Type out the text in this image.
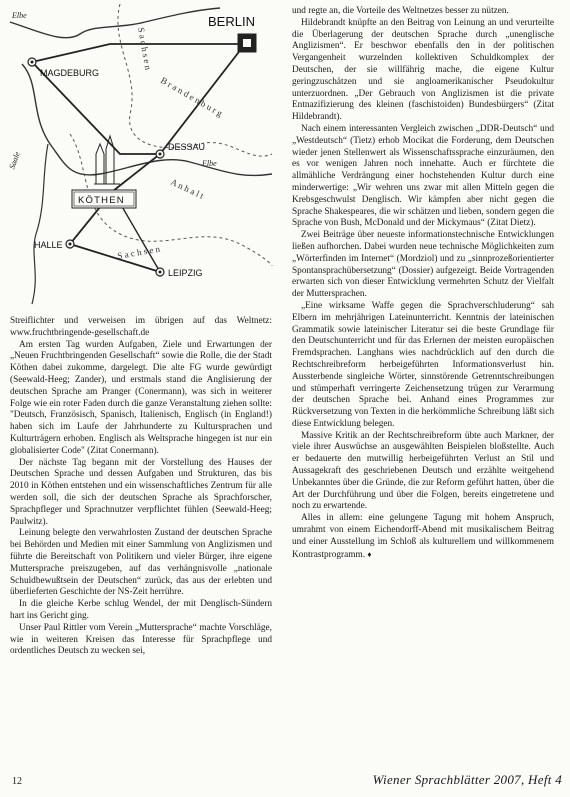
BERLIN
MAGDEBURG
DESSAU
KÖTHEN
HALLE
LEIPZIG
Elbe
Elbe
Saale
B r a n d e n b u r g
S a c h s e n
A n h a l t
S a c h s e n

Streiflichter und verweisen im übrigen auf das Weltnetz: www.fruchtbringende-gesellschaft.de

Am ersten Tag wurden Aufgaben, Ziele und Erwartungen der „Neuen Fruchtbringenden Gesellschaft“ sowie die Rolle, die der Stadt Köthen dabei zukomme, dargelegt. Die alte FG wurde gewürdigt (Seewald-Heeg; Zander), und erstmals stand die Anglisierung der deutschen Sprache am Pranger (Conermann), was sich in weiterer Folge wie ein roter Faden durch die ganze Veranstaltung ziehen sollte: "Deutsch, Französisch, Spanisch, Italienisch, Englisch (in England!) haben sich im Laufe der Jahrhunderte zu Kultursprachen und Kulturträgern erhoben. Englisch als Weltsprache hingegen ist nur ein globalisierter Code" (Zitat Conermann).

Der nächste Tag begann mit der Vorstellung des Hauses der Deutschen Sprache und dessen Aufgaben und Strukturen, das bis 2010 in Köthen entstehen und ein wissenschaftliches Zentrum für alle werden soll, die sich der deutschen Sprache als Sprachforscher, Sprachpfleger und Sprachnutzer verpflichtet fühlen (Seewald-Heeg; Paulwitz).

Leinung belegte den verwahrlosten Zustand der deutschen Sprache bei Behörden und Medien mit einer Sammlung von Anglizismen und führte die Bereitschaft von Politikern und vieler Bürger, ihre eigene Muttersprache preiszugeben, auf das verhängnisvolle „nationale Schuldbewußtsein der Deutschen“ zurück, das aus der erlebten und überlieferten Geschichte der NS-Zeit herrühre.

In die gleiche Kerbe schlug Wendel, der mit Denglisch-Sündern hart ins Gericht ging.

Unser Paul Rittler vom Verein „Muttersprache“ machte Vorschläge, wie in weiteren Kreisen das Interesse für Sprachpflege und ordentliches Deutsch zu wecken sei,

und regte an, die Vorteile des Weltnetzes besser zu nützen.

Hildebrandt knüpfte an den Beitrag von Leinung an und verurteilte die Überlagerung der deutschen Sprache durch „unenglische Anglizismen“. Er beschwor ebenfalls den in der politischen Vergangenheit wurzelnden kollektiven Schuldkomplex der Deutschen, der sie willfährig mache, die eigene Kultur geringzuschätzen und sie angloamerikanischer Pseudokultur unterzuordnen. „Der Gebrauch von Anglizismen ist die private Entnazifizierung des kleinen (faschistoiden) Bundesbürgers“ (Zitat Hildebrandt).

Nach einem interessanten Vergleich zwischen „DDR-Deutsch“ und „Westdeutsch“ (Tietz) erhob Mocikat die Forderung, dem Deutschen wieder jenen Stellenwert als Wissenschaftssprache einzuräumen, den es vor wenigen Jahren noch innehatte. Auch er fürchtete die allmähliche Verdrängung einer hochstehenden Kultur durch eine minderwertige: „Wir wehren uns zwar mit allen Mitteln gegen die Krebsgeschwulst Denglisch. Wir kämpfen aber nicht gegen die Sprache Shakespeares, die wir schätzen und lieben, sondern gegen die Sprache von Bush, McDonald und der Mickymaus“ (Zitat Dietz).

Zwei Beiträge über neueste informationstechnische Entwicklungen ließen aufhorchen. Dabei wurden neue technische Möglichkeiten zum „Wörterfinden im Internet“ (Mordziol) und zu „sinnprozeßorientierter Spontansprachübersetzung“ (Dossier) aufgezeigt. Beide Vortragenden erwarten sich von dieser Entwicklung vermehrten Schutz der Vielfalt der Muttersprachen.

„Eine wirksame Waffe gegen die Sprachverschluderung“ sah Elbern im mehrjährigen Lateinunterricht. Kenntnis der lateinischen Grammatik sowie lateinischer Literatur sei die beste Grundlage für den Deutschunterricht und für das Erlernen der meisten europäischen Fremdsprachen. Langhans wies nachdrücklich auf den durch die Rechtschreibreform herbeigeführten Informationsverlust hin. Aussterbende singleiche Wörter, sinnstörende Getrenntschreibungen und stümperhaft verringerte Zeichensetzung trügen zur Verarmung der deutschen Sprache bei. Anhand eines Programmes zur Rückversetzung von Texten in die herkömmliche Schreibung läßt sich diese Entwicklung belegen.

Massive Kritik an der Rechtschreibreform übte auch Markner, der viele ihrer Auswüchse an ausgewählten Beispielen bloßstellte. Auch er bedauerte den mutwillig herbeigeführten Verlust an Stil und Aussagekraft des geschriebenen Deutsch und erzählte weitgehend Unbekanntes über die Gründe, die zur Reform geführt hatten, über die Art der Durchführung und über die Folgen, bereits eingetretene und noch zu erwartende.

Alles in allem: eine gelungene Tagung mit hohem Anspruch, umrahmt von einem Eichendorff-Abend mit musikalischem Beitrag und einer Ausstellung im Schloß als kulturellem und willkommenem Kontrastprogramm. ♦

12	Wiener Sprachblätter 2007, Heft 4
